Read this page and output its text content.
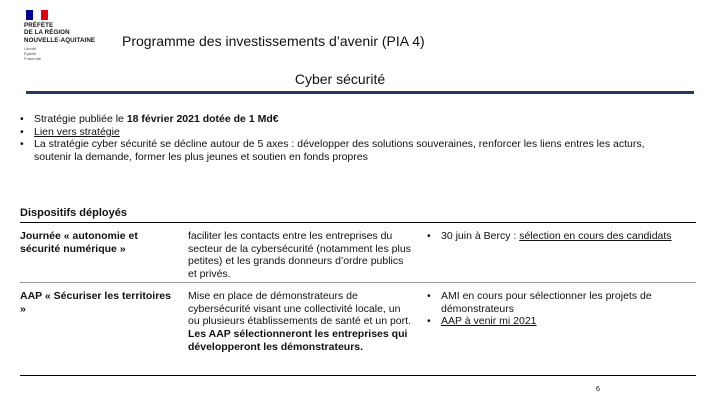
PRÉFÈTE
DE LA RÉGION
NOUVELLE-AQUITAINE
Liberté
Égalité
Fraternité
Programme des investissements d’avenir (PIA 4)
Cyber sécurité
• Stratégie publiée le 18 février 2021 dotée de 1 Md€
• Lien vers stratégie
• La stratégie cyber sécurité se décline autour de 5 axes : développer des solutions souveraines, renforcer les liens entres les acturs, soutenir la demande, former les plus jeunes et soutien en fonds propres
Dispositifs déployés
Journée « autonomie et sécurité numérique »
faciliter les contacts entre les entreprises du secteur de la cybersécurité (notamment les plus petites) et les grands donneurs d’ordre publics et privés.
• 30 juin à Bercy : sélection en cours des candidats
AAP « Sécuriser les territoires »
Mise en place de démonstrateurs de cybersécurité visant une collectivité locale, un ou plusieurs établissements de santé et un port.
Les AAP sélectionneront les entreprises qui développeront les démonstrateurs.
• AMI en cours pour sélectionner les projets de démonstrateurs
• AAP à venir mi 2021
6
